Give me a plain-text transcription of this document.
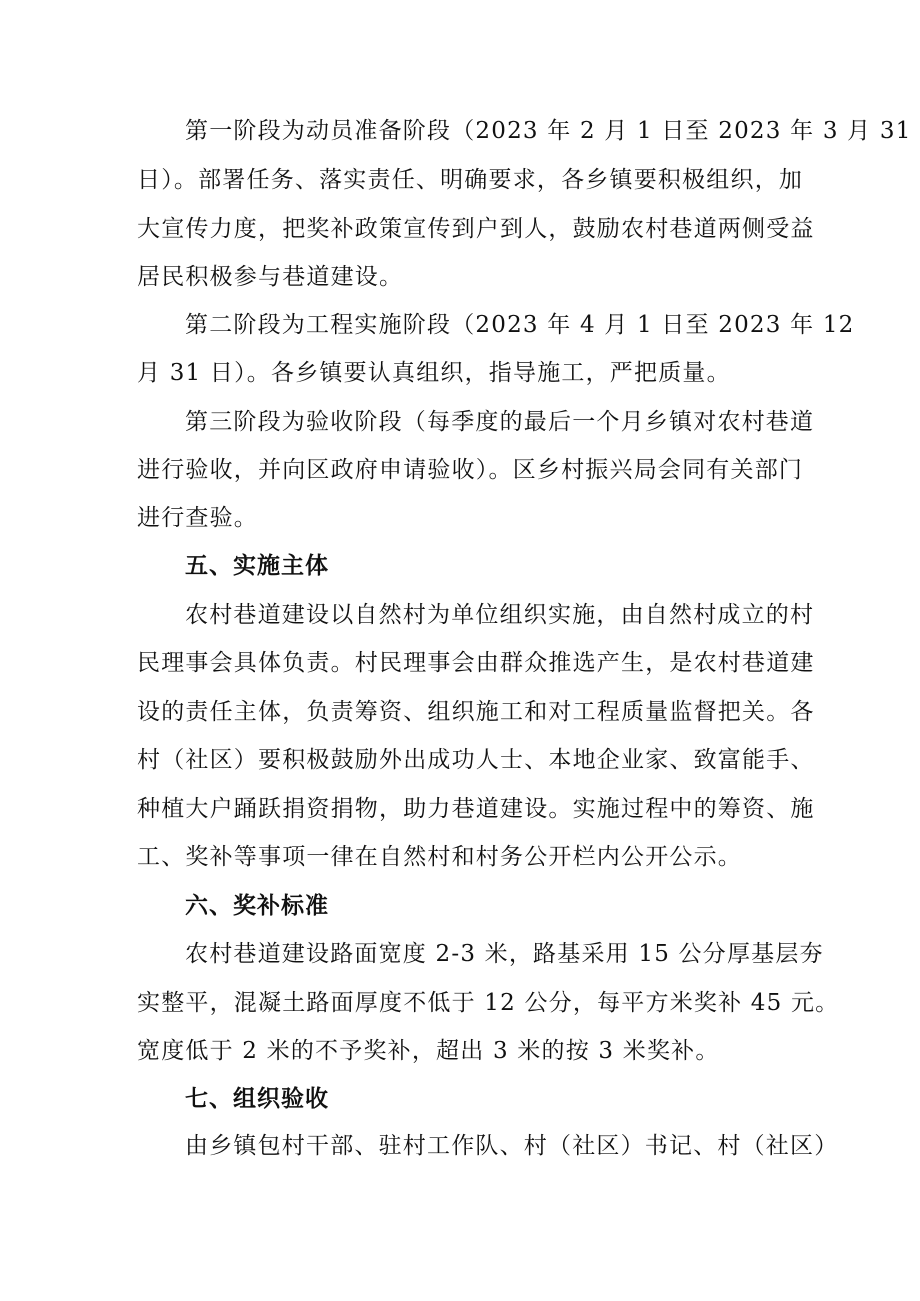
第一阶段为动员准备阶段（2023 年 2 月 1 日至 2023 年 3 月 31
日）。部署任务、落实责任、明确要求，各乡镇要积极组织，加
大宣传力度，把奖补政策宣传到户到人，鼓励农村巷道两侧受益
居民积极参与巷道建设。
第二阶段为工程实施阶段（2023 年 4 月 1 日至 2023 年 12
月 31 日）。各乡镇要认真组织，指导施工，严把质量。
第三阶段为验收阶段（每季度的最后一个月乡镇对农村巷道
进行验收，并向区政府申请验收）。区乡村振兴局会同有关部门
进行查验。
五、实施主体
农村巷道建设以自然村为单位组织实施，由自然村成立的村
民理事会具体负责。村民理事会由群众推选产生，是农村巷道建
设的责任主体，负责筹资、组织施工和对工程质量监督把关。各
村（社区）要积极鼓励外出成功人士、本地企业家、致富能手、
种植大户踊跃捐资捐物，助力巷道建设。实施过程中的筹资、施
工、奖补等事项一律在自然村和村务公开栏内公开公示。
六、奖补标准
农村巷道建设路面宽度 2-3 米，路基采用 15 公分厚基层夯
实整平，混凝土路面厚度不低于 12 公分，每平方米奖补 45 元。
宽度低于 2 米的不予奖补，超出 3 米的按 3 米奖补。
七、组织验收
由乡镇包村干部、驻村工作队、村（社区）书记、村（社区）
